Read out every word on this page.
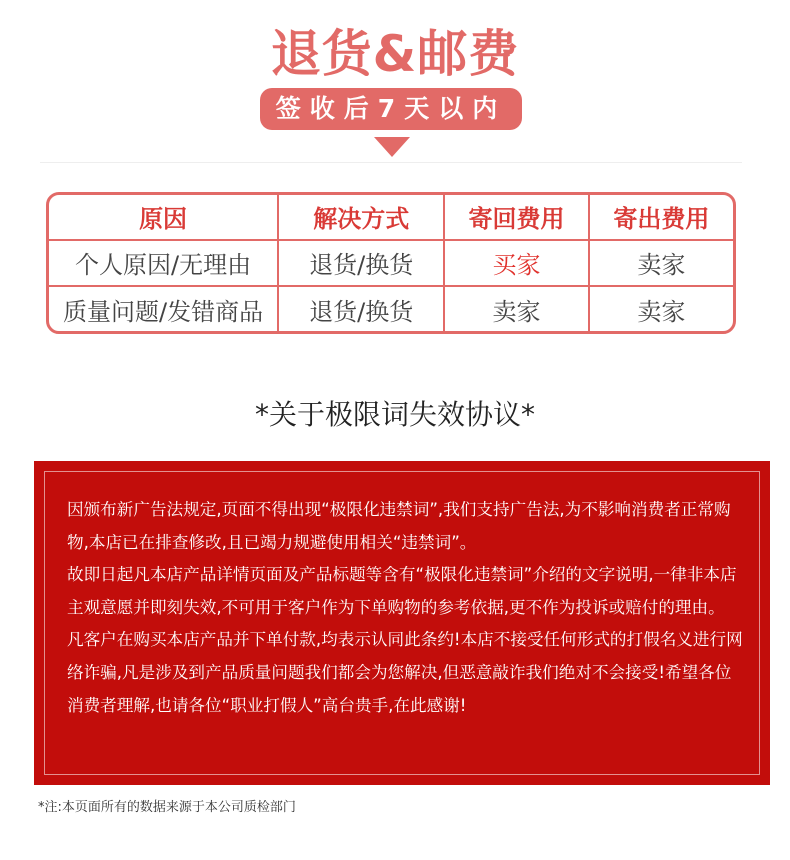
退货&邮费
签收后7天以内
原因	解决方式	寄回费用	寄出费用
个人原因/无理由	退货/换货	买家	卖家
质量问题/发错商品	退货/换货	卖家	卖家
*关于极限词失效协议*

因颁布新广告法规定,页面不得出现“极限化违禁词”,我们支持广告法,为不影响消费者正常购物,本店已在排查修改,且已竭力规避使用相关“违禁词”。

故即日起凡本店产品详情页面及产品标题等含有“极限化违禁词”介绍的文字说明,一律非本店主观意愿并即刻失效,不可用于客户作为下单购物的参考依据,更不作为投诉或赔付的理由。

凡客户在购买本店产品并下单付款,均表示认同此条约!本店不接受任何形式的打假名义进行网络诈骗,凡是涉及到产品质量问题我们都会为您解决,但恶意敲诈我们绝对不会接受!希望各位消费者理解,也请各位“职业打假人”高台贵手,在此感谢!

*注:本页面所有的数据来源于本公司质检部门
